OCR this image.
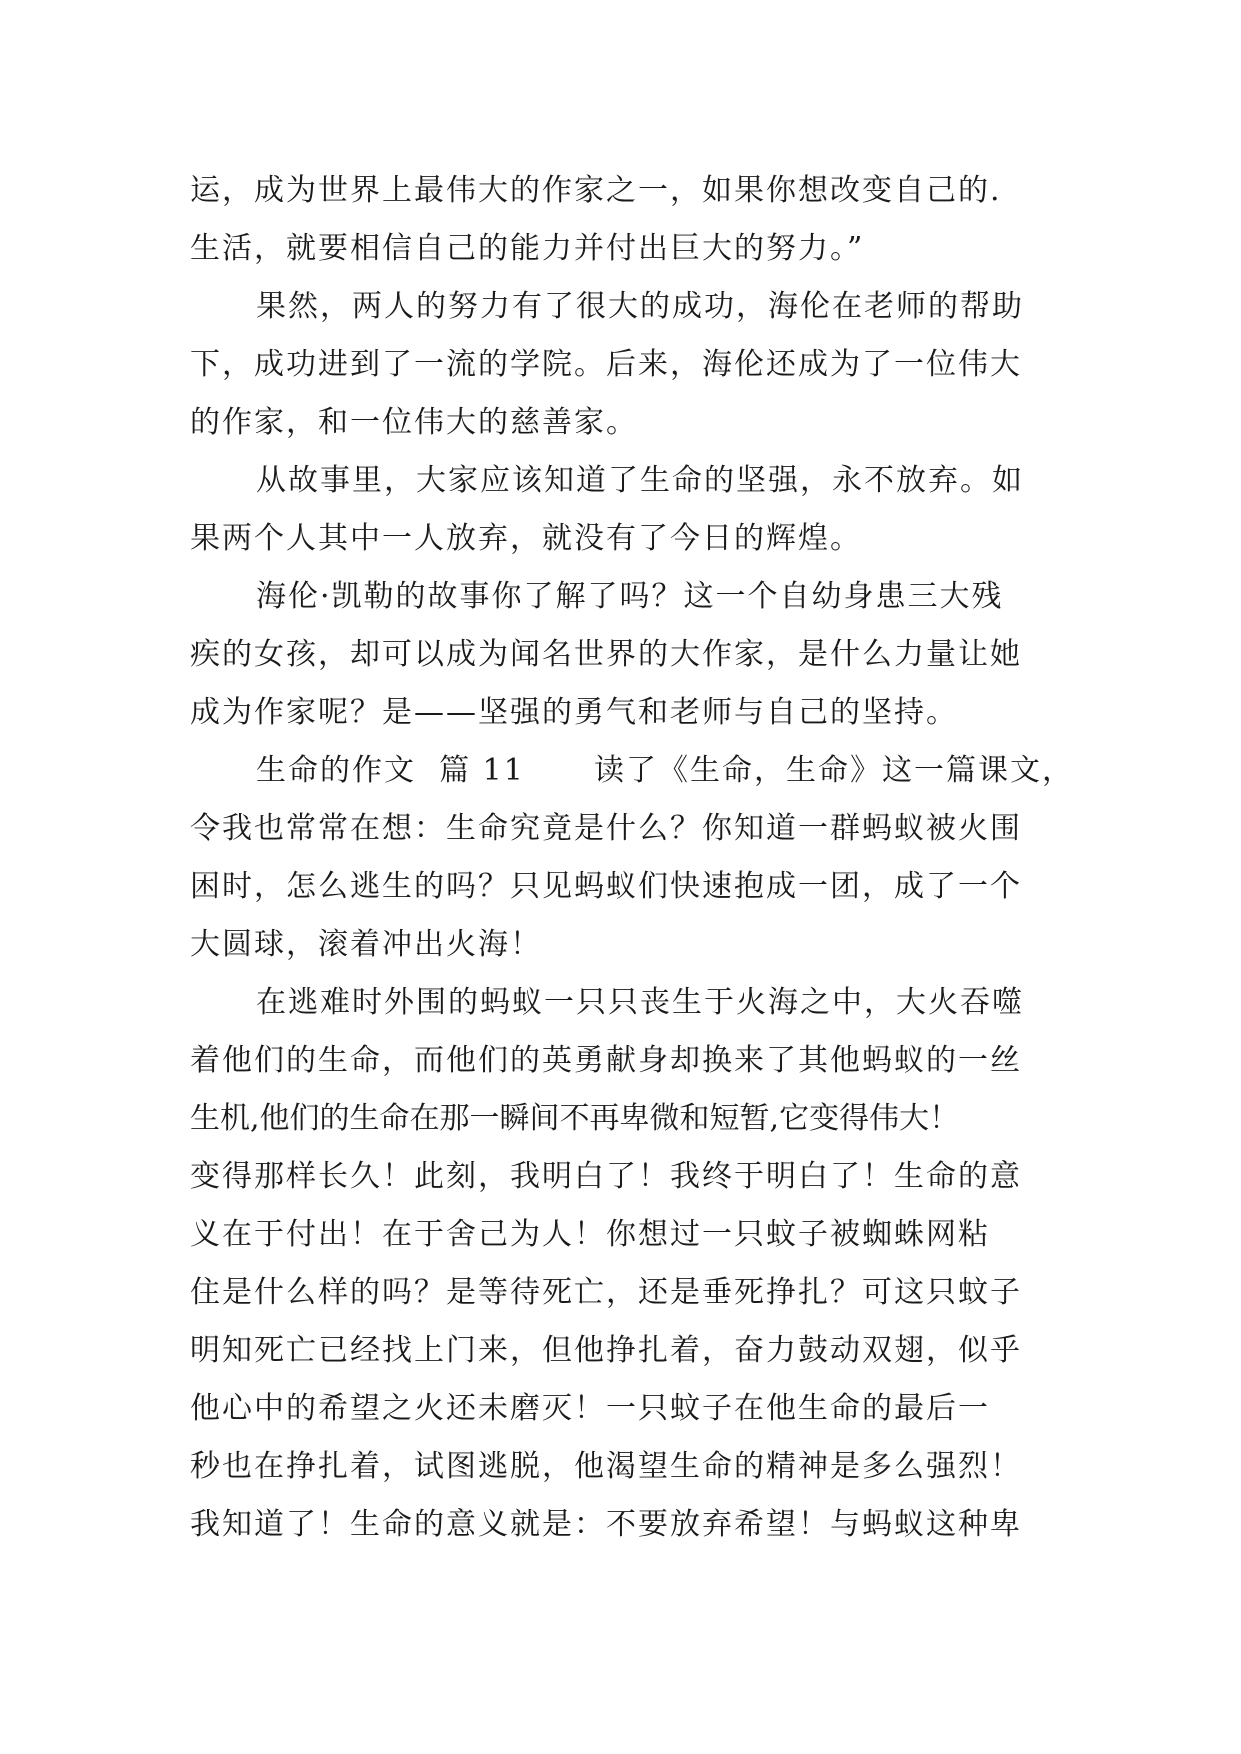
运，成为世界上最伟大的作家之一，如果你想改变自己的.
生活，就要相信自己的能力并付出巨大的努力。”
果然，两人的努力有了很大的成功，海伦在老师的帮助
下，成功进到了一流的学院。后来，海伦还成为了一位伟大
的作家，和一位伟大的慈善家。
从故事里，大家应该知道了生命的坚强，永不放弃。如
果两个人其中一人放弃，就没有了今日的辉煌。
海伦·凯勒的故事你了解了吗？这一个自幼身患三大残
疾的女孩，却可以成为闻名世界的大作家，是什么力量让她
成为作家呢？是——坚强的勇气和老师与自己的坚持。
生命的作文  篇 11      读了《生命，生命》这一篇课文，
令我也常常在想：生命究竟是什么？你知道一群蚂蚁被火围
困时，怎么逃生的吗？只见蚂蚁们快速抱成一团，成了一个
大圆球，滚着冲出火海！
在逃难时外围的蚂蚁一只只丧生于火海之中，大火吞噬
着他们的生命，而他们的英勇献身却换来了其他蚂蚁的一丝
生机,他们的生命在那一瞬间不再卑微和短暂,它变得伟大！
变得那样长久！此刻，我明白了！我终于明白了！生命的意
义在于付出！在于舍己为人！你想过一只蚊子被蜘蛛网粘
住是什么样的吗？是等待死亡，还是垂死挣扎？可这只蚊子
明知死亡已经找上门来，但他挣扎着，奋力鼓动双翅，似乎
他心中的希望之火还未磨灭！一只蚊子在他生命的最后一
秒也在挣扎着，试图逃脱，他渴望生命的精神是多么强烈！
我知道了！生命的意义就是：不要放弃希望！与蚂蚁这种卑
